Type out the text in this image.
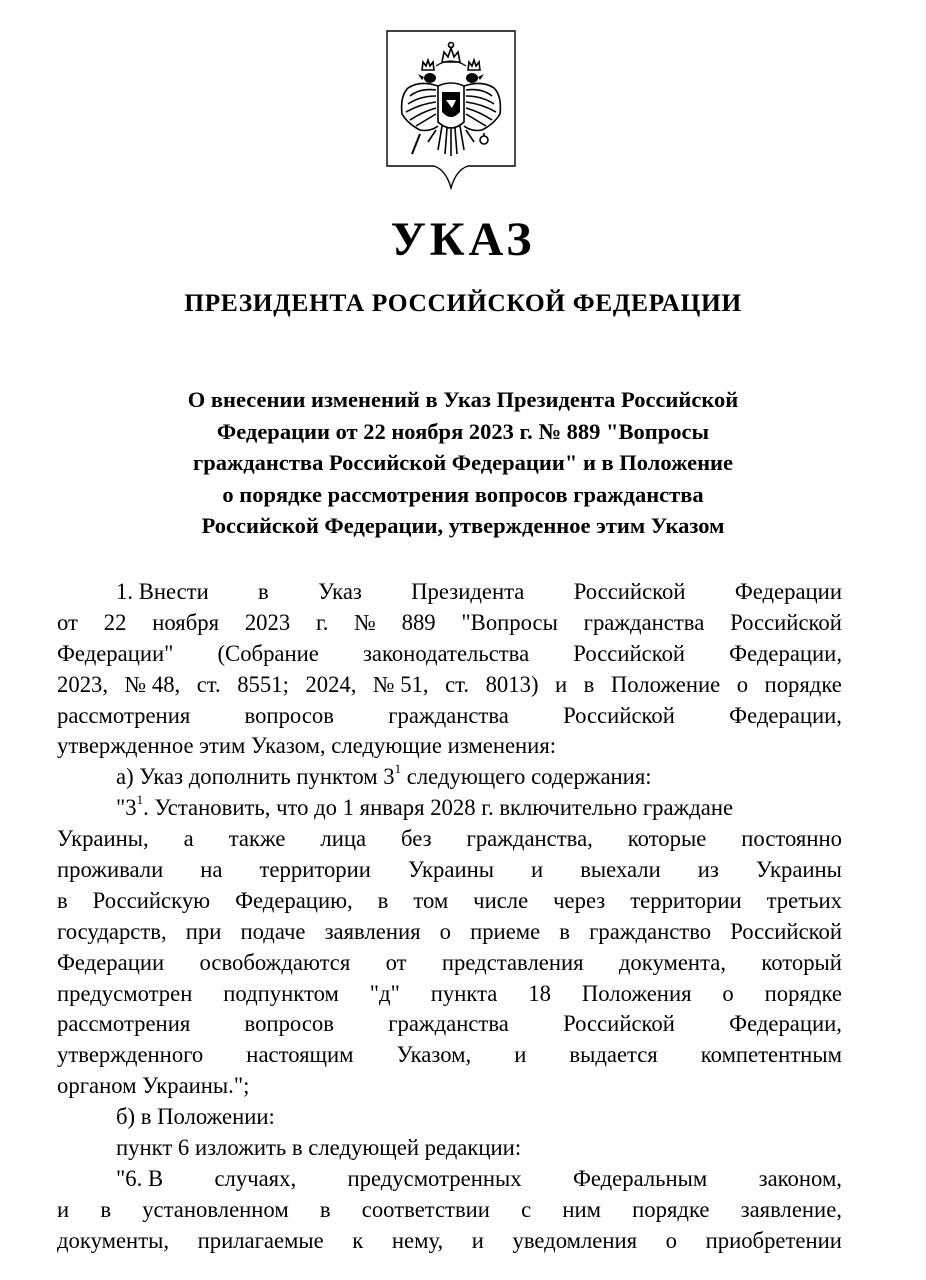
УКАЗ
ПРЕЗИДЕНТА РОССИЙСКОЙ ФЕДЕРАЦИИ
О внесении изменений в Указ Президента Российской
Федерации от 22 ноября 2023 г. № 889 "Вопросы
гражданства Российской Федерации" и в Положение
о порядке рассмотрения вопросов гражданства
Российской Федерации, утвержденное этим Указом
1. Внести в Указ Президента Российской Федерации
от 22 ноября 2023 г. № 889 "Вопросы гражданства Российской
Федерации" (Собрание законодательства Российской Федерации,
2023, № 48, ст. 8551; 2024, № 51, ст. 8013) и в Положение о порядке
рассмотрения вопросов гражданства Российской Федерации,
утвержденное этим Указом, следующие изменения:
а) Указ дополнить пунктом $3^1$ следующего содержания:
"$3^1$. Установить, что до 1 января 2028 г. включительно граждане
Украины, а также лица без гражданства, которые постоянно
проживали на территории Украины и выехали из Украины
в Российскую Федерацию, в том числе через территории третьих
государств, при подаче заявления о приеме в гражданство Российской
Федерации освобождаются от представления документа, который
предусмотрен подпунктом "д" пункта 18 Положения о порядке
рассмотрения вопросов гражданства Российской Федерации,
утвержденного настоящим Указом, и выдается компетентным
органом Украины.";
б) в Положении:
пункт 6 изложить в следующей редакции:
"6. В случаях, предусмотренных Федеральным законом,
и в установленном в соответствии с ним порядке заявление,
документы, прилагаемые к нему, и уведомления о приобретении
